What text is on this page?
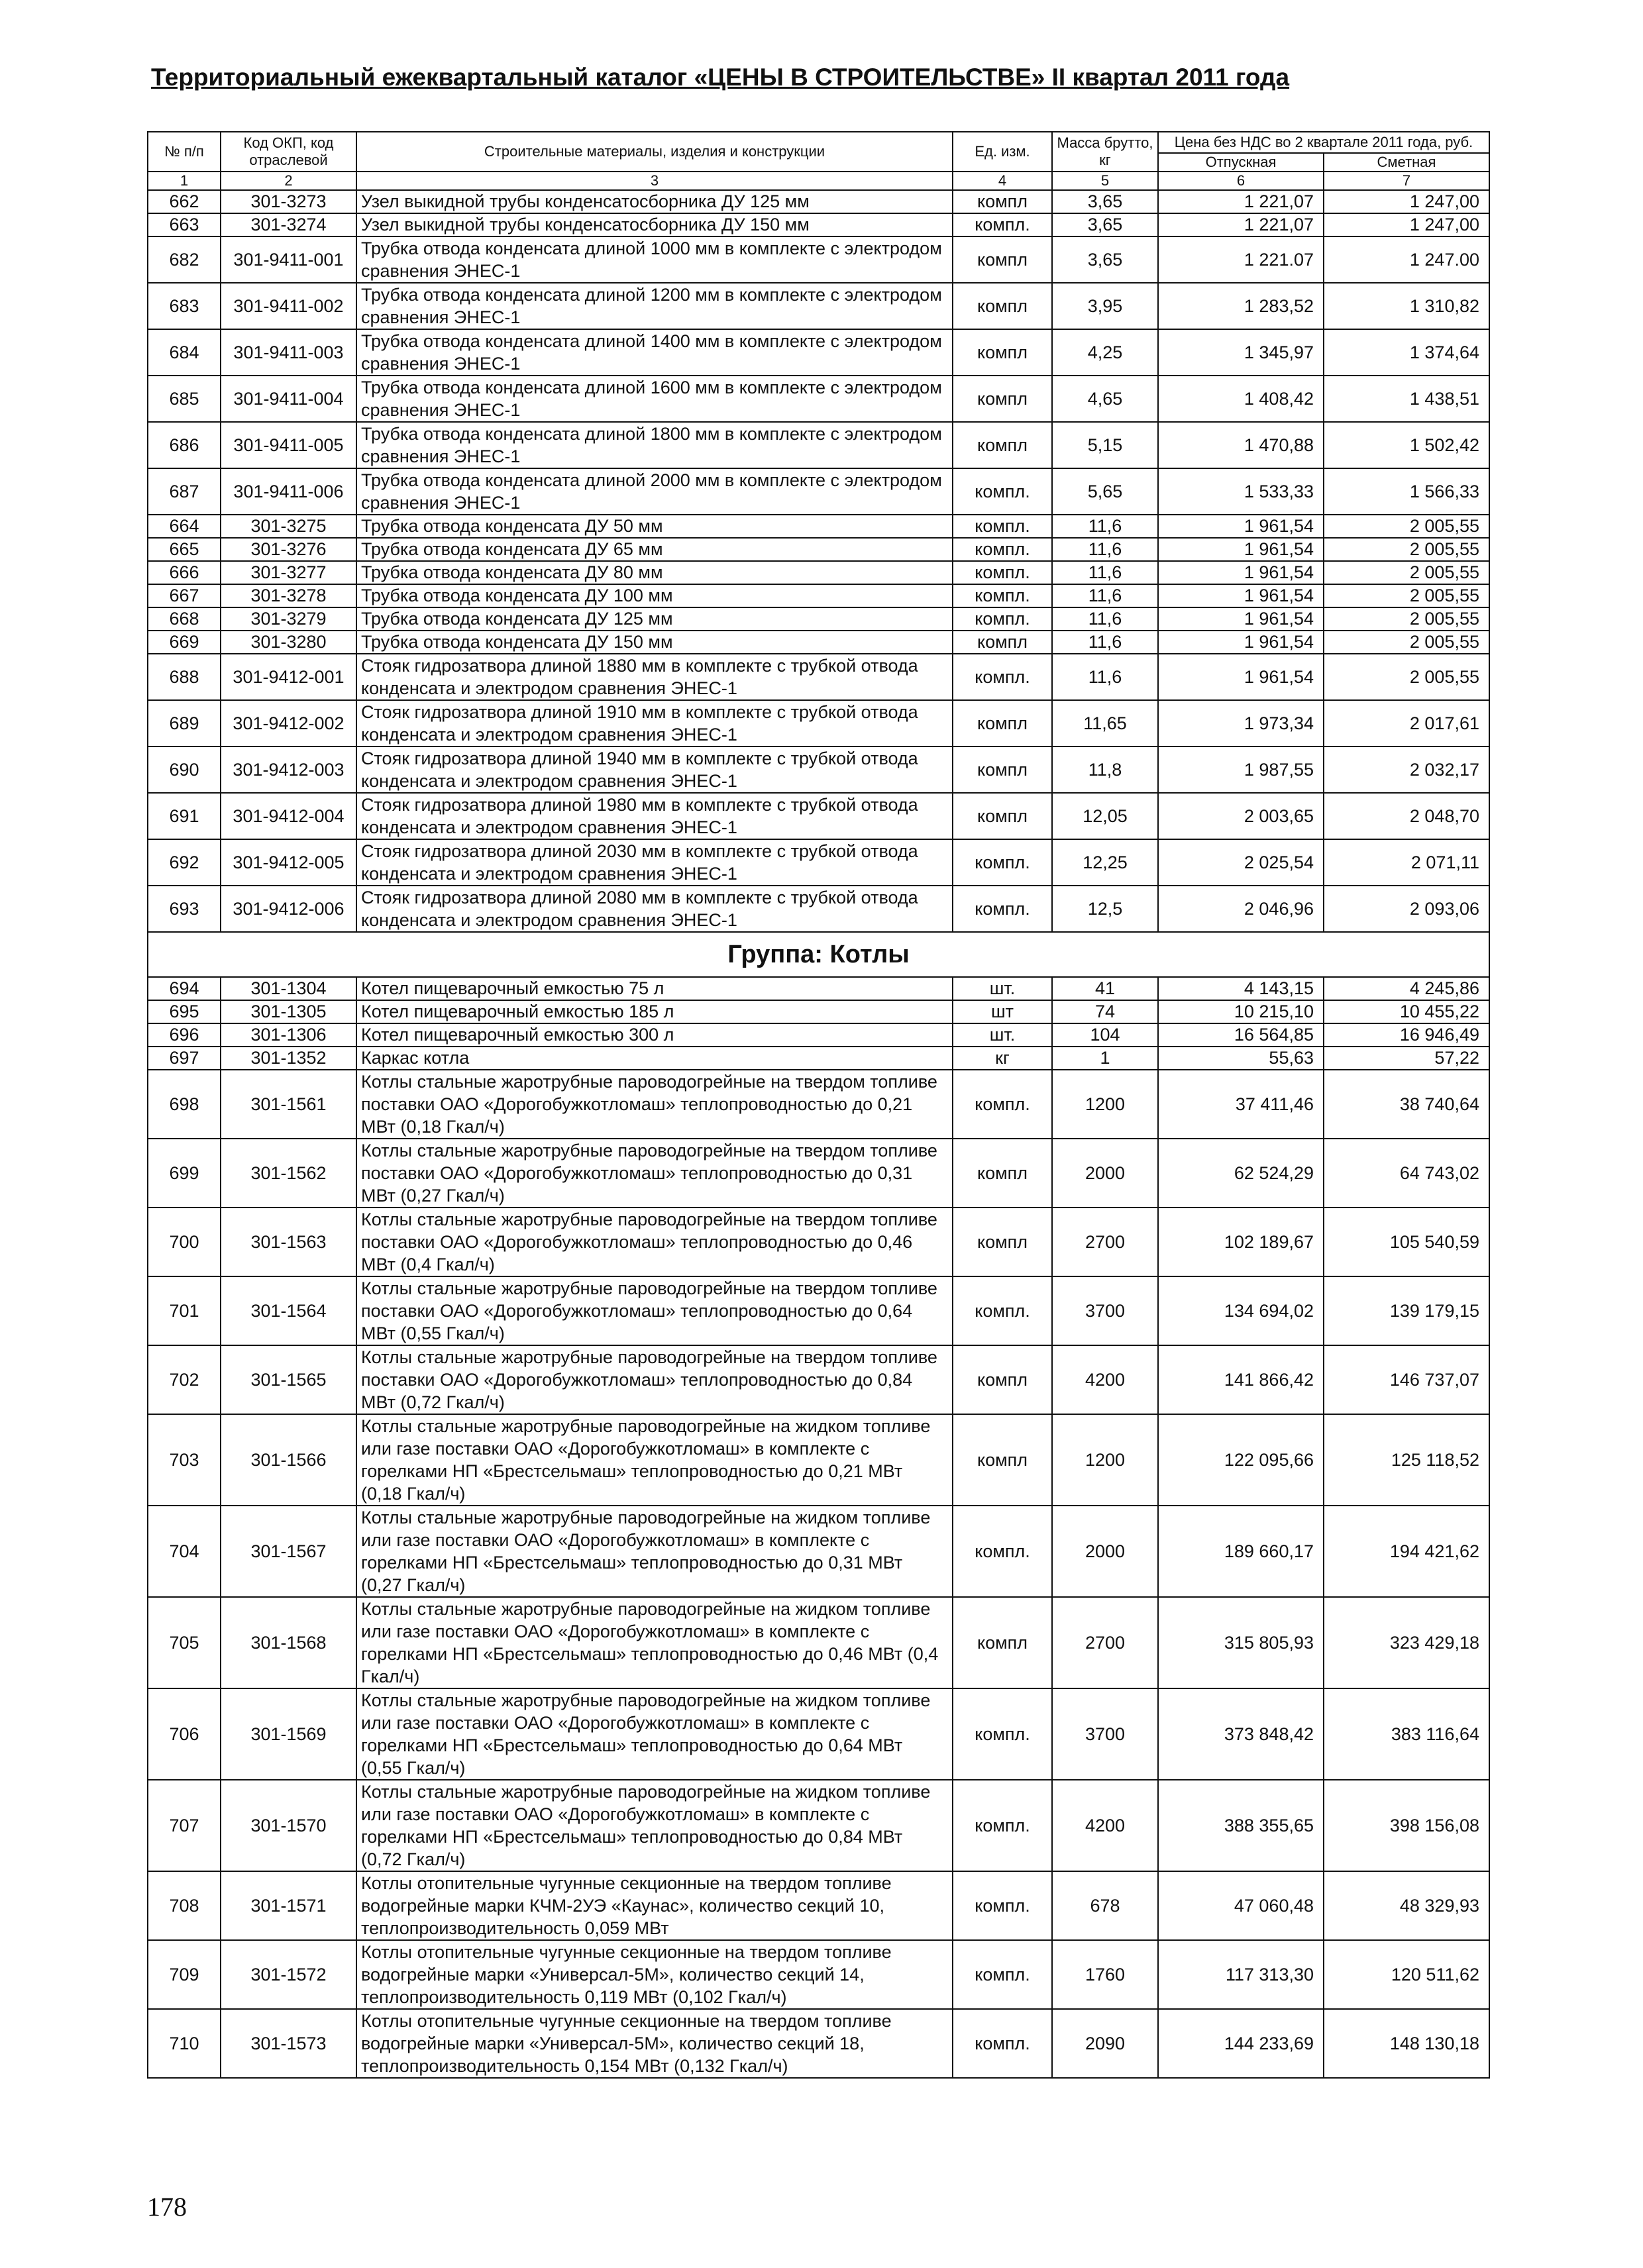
Территориальный ежеквартальный каталог «ЦЕНЫ В СТРОИТЕЛЬСТВЕ» II квартал 2011 года
№ п/п	Код ОКП, код отраслевой	Строительные материалы, изделия и конструкции	Ед. изм.	Масса брутто, кг	Цена без НДС во 2 квартале 2011 года, руб.	
					Отпускная	Сметная
1	2	3	4	5	6	7
662	301-3273	Узел выкидной трубы конденсатосборника ДУ 125 мм	компл	3,65	1 221,07	1 247,00
663	301-3274	Узел выкидной трубы конденсатосборника ДУ 150 мм	компл.	3,65	1 221,07	1 247,00
682	301-9411-001	Трубка отвода конденсата длиной 1000 мм в комплекте с электродом сравнения ЭНЕС-1	компл	3,65	1 221.07	1 247.00
683	301-9411-002	Трубка отвода конденсата длиной 1200 мм в комплекте с электродом сравнения ЭНЕС-1	компл	3,95	1 283,52	1 310,82
684	301-9411-003	Трубка отвода конденсата длиной 1400 мм в комплекте с электродом сравнения ЭНЕС-1	компл	4,25	1 345,97	1 374,64
685	301-9411-004	Трубка отвода конденсата длиной 1600 мм в комплекте с электродом сравнения ЭНЕС-1	компл	4,65	1 408,42	1 438,51
686	301-9411-005	Трубка отвода конденсата длиной 1800 мм в комплекте с электродом сравнения ЭНЕС-1	компл	5,15	1 470,88	1 502,42
687	301-9411-006	Трубка отвода конденсата длиной 2000 мм в комплекте с электродом сравнения ЭНЕС-1	компл.	5,65	1 533,33	1 566,33
664	301-3275	Трубка отвода конденсата ДУ 50 мм	компл.	11,6	1 961,54	2 005,55
665	301-3276	Трубка отвода конденсата ДУ 65 мм	компл.	11,6	1 961,54	2 005,55
666	301-3277	Трубка отвода конденсата ДУ 80 мм	компл.	11,6	1 961,54	2 005,55
667	301-3278	Трубка отвода конденсата ДУ 100 мм	компл.	11,6	1 961,54	2 005,55
668	301-3279	Трубка отвода конденсата ДУ 125 мм	компл.	11,6	1 961,54	2 005,55
669	301-3280	Трубка отвода конденсата ДУ 150 мм	компл	11,6	1 961,54	2 005,55
688	301-9412-001	Стояк гидрозатвора длиной 1880 мм в комплекте с трубкой отвода конденсата и электродом сравнения ЭНЕС-1	компл.	11,6	1 961,54	2 005,55
689	301-9412-002	Стояк гидрозатвора длиной 1910 мм в комплекте с трубкой отвода конденсата и электродом сравнения ЭНЕС-1	компл	11,65	1 973,34	2 017,61
690	301-9412-003	Стояк гидрозатвора длиной 1940 мм в комплекте с трубкой отвода конденсата и электродом сравнения ЭНЕС-1	компл	11,8	1 987,55	2 032,17
691	301-9412-004	Стояк гидрозатвора длиной 1980 мм в комплекте с трубкой отвода конденсата и электродом сравнения ЭНЕС-1	компл	12,05	2 003,65	2 048,70
692	301-9412-005	Стояк гидрозатвора длиной 2030 мм в комплекте с трубкой отвода конденсата и электродом сравнения ЭНЕС-1	компл.	12,25	2 025,54	2 071,11
693	301-9412-006	Стояк гидрозатвора длиной 2080 мм в комплекте с трубкой отвода конденсата и электродом сравнения ЭНЕС-1	компл.	12,5	2 046,96	2 093,06
Группа: Котлы						
694	301-1304	Котел пищеварочный емкостью 75 л	шт.	41	4 143,15	4 245,86
695	301-1305	Котел пищеварочный емкостью 185 л	шт	74	10 215,10	10 455,22
696	301-1306	Котел пищеварочный емкостью 300 л	шт.	104	16 564,85	16 946,49
697	301-1352	Каркас котла	кг	1	55,63	57,22
698	301-1561	Котлы стальные жаротрубные пароводогрейные на твердом топливе поставки ОАО «Дорогобужкотломаш» теплопроводностью до 0,21 МВт (0,18 Гкал/ч)	компл.	1200	37 411,46	38 740,64
699	301-1562	Котлы стальные жаротрубные пароводогрейные на твердом топливе поставки ОАО «Дорогобужкотломаш» теплопроводностью до 0,31 МВт (0,27 Гкал/ч)	компл	2000	62 524,29	64 743,02
700	301-1563	Котлы стальные жаротрубные пароводогрейные на твердом топливе поставки ОАО «Дорогобужкотломаш» теплопроводностью до 0,46 МВт (0,4 Гкал/ч)	компл	2700	102 189,67	105 540,59
701	301-1564	Котлы стальные жаротрубные пароводогрейные на твердом топливе поставки ОАО «Дорогобужкотломаш» теплопроводностью до 0,64 МВт (0,55 Гкал/ч)	компл.	3700	134 694,02	139 179,15
702	301-1565	Котлы стальные жаротрубные пароводогрейные на твердом топливе поставки ОАО «Дорогобужкотломаш» теплопроводностью до 0,84 МВт (0,72 Гкал/ч)	компл	4200	141 866,42	146 737,07
703	301-1566	Котлы стальные жаротрубные пароводогрейные на жидком топливе или газе поставки ОАО «Дорогобужкотломаш» в комплекте с горелками НП «Брестсельмаш» теплопроводностью до 0,21 МВт (0,18 Гкал/ч)	компл	1200	122 095,66	125 118,52
704	301-1567	Котлы стальные жаротрубные пароводогрейные на жидком топливе или газе поставки ОАО «Дорогобужкотломаш» в комплекте с горелками НП «Брестсельмаш» теплопроводностью до 0,31 МВт (0,27 Гкал/ч)	компл.	2000	189 660,17	194 421,62
705	301-1568	Котлы стальные жаротрубные пароводогрейные на жидком топливе или газе поставки ОАО «Дорогобужкотломаш» в комплекте с горелками НП «Брестсельмаш» теплопроводностью до 0,46 МВт (0,4 Гкал/ч)	компл	2700	315 805,93	323 429,18
706	301-1569	Котлы стальные жаротрубные пароводогрейные на жидком топливе или газе поставки ОАО «Дорогобужкотломаш» в комплекте с горелками НП «Брестсельмаш» теплопроводностью до 0,64 МВт (0,55 Гкал/ч)	компл.	3700	373 848,42	383 116,64
707	301-1570	Котлы стальные жаротрубные пароводогрейные на жидком топливе или газе поставки ОАО «Дорогобужкотломаш» в комплекте с горелками НП «Брестсельмаш» теплопроводностью до 0,84 МВт (0,72 Гкал/ч)	компл.	4200	388 355,65	398 156,08
708	301-1571	Котлы отопительные чугунные секционные на твердом топливе водогрейные марки КЧМ-2УЭ «Каунас», количество секций 10, теплопроизводительность 0,059 МВт	компл.	678	47 060,48	48 329,93
709	301-1572	Котлы отопительные чугунные секционные на твердом топливе водогрейные марки «Универсал-5М», количество секций 14, теплопроизводительность 0,119 МВт (0,102 Гкал/ч)	компл.	1760	117 313,30	120 511,62
710	301-1573	Котлы отопительные чугунные секционные на твердом топливе водогрейные марки «Универсал-5М», количество секций 18, теплопроизводительность 0,154 МВт (0,132 Гкал/ч)	компл.	2090	144 233,69	148 130,18
178
